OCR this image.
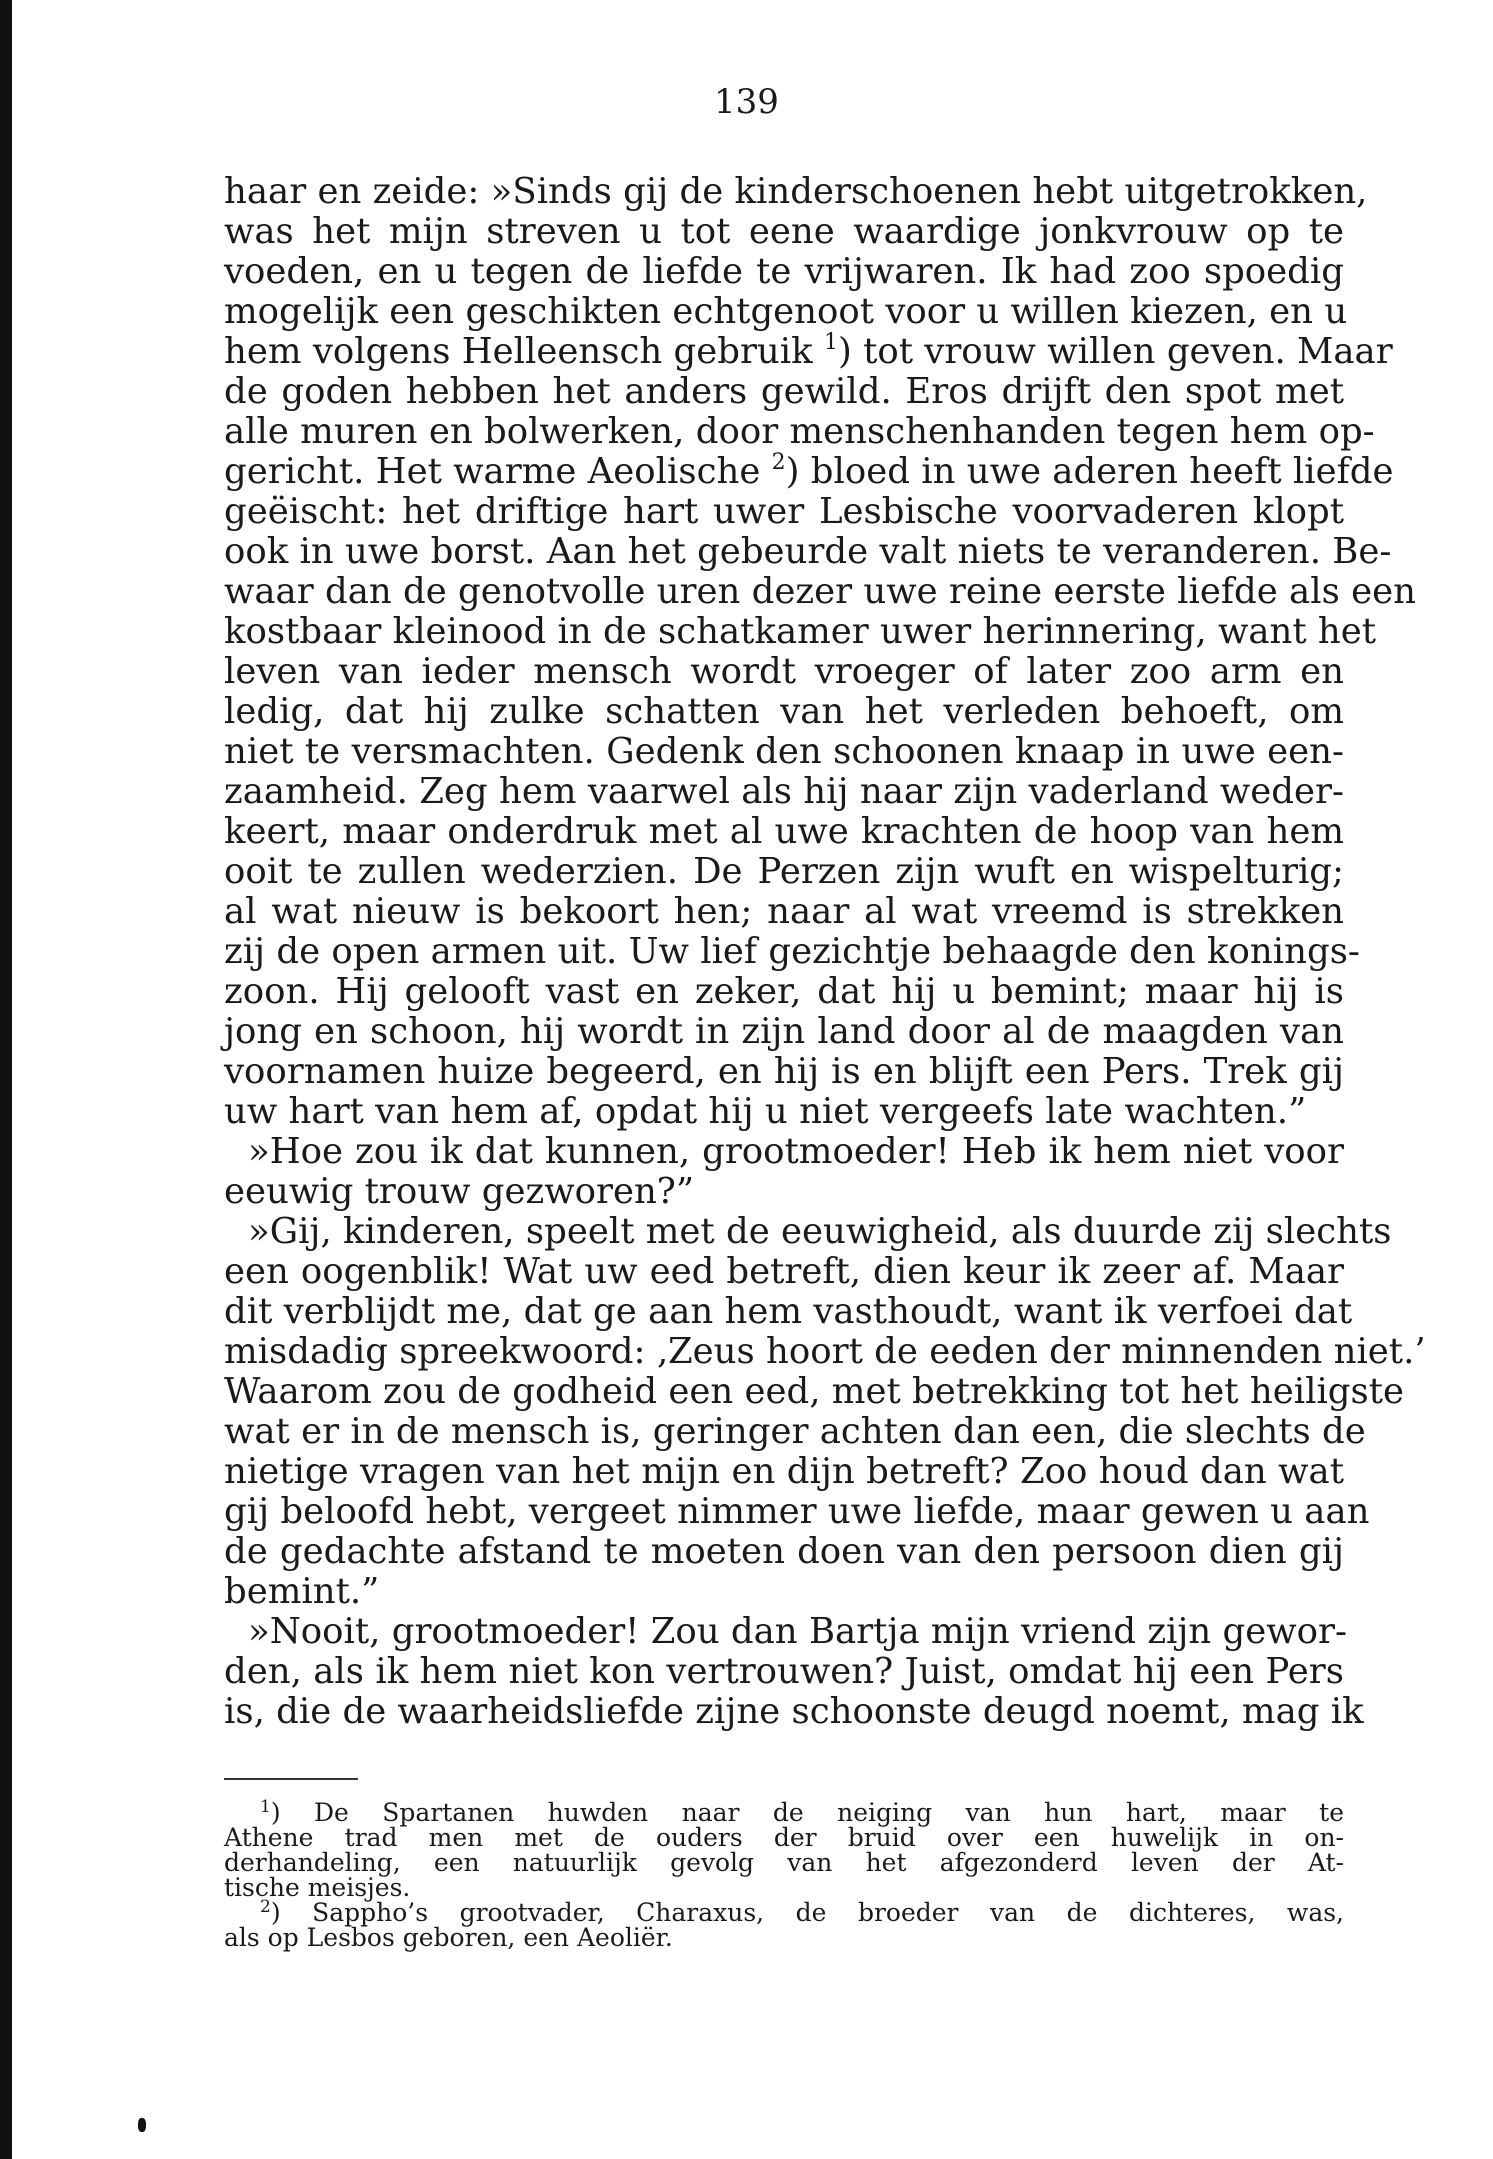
139
haar en zeide: »Sinds gij de kinderschoenen hebt uitgetrokken,
was het mijn streven u tot eene waardige jonkvrouw op te
voeden, en u tegen de liefde te vrijwaren. Ik had zoo spoedig
mogelijk een geschikten echtgenoot voor u willen kiezen, en u
hem volgens Helleensch gebruik $^1$) tot vrouw willen geven. Maar
de goden hebben het anders gewild. Eros drijft den spot met
alle muren en bolwerken, door menschenhanden tegen hem op-
gericht. Het warme Aeolische $^2$) bloed in uwe aderen heeft liefde
geëischt: het driftige hart uwer Lesbische voorvaderen klopt
ook in uwe borst. Aan het gebeurde valt niets te veranderen. Be-
waar dan de genotvolle uren dezer uwe reine eerste liefde als een
kostbaar kleinood in de schatkamer uwer herinnering, want het
leven van ieder mensch wordt vroeger of later zoo arm en
ledig, dat hij zulke schatten van het verleden behoeft, om
niet te versmachten. Gedenk den schoonen knaap in uwe een-
zaamheid. Zeg hem vaarwel als hij naar zijn vaderland weder-
keert, maar onderdruk met al uwe krachten de hoop van hem
ooit te zullen wederzien. De Perzen zijn wuft en wispelturig;
al wat nieuw is bekoort hen; naar al wat vreemd is strekken
zij de open armen uit. Uw lief gezichtje behaagde den konings-
zoon. Hij gelooft vast en zeker, dat hij u bemint; maar hij is
jong en schoon, hij wordt in zijn land door al de maagden van
voornamen huize begeerd, en hij is en blijft een Pers. Trek gij
uw hart van hem af, opdat hij u niet vergeefs late wachten.”
»Hoe zou ik dat kunnen, grootmoeder! Heb ik hem niet voor
eeuwig trouw gezworen?”
»Gij, kinderen, speelt met de eeuwigheid, als duurde zij slechts
een oogenblik! Wat uw eed betreft, dien keur ik zeer af. Maar
dit verblijdt me, dat ge aan hem vasthoudt, want ik verfoei dat
misdadig spreekwoord: ‚Zeus hoort de eeden der minnenden niet.’
Waarom zou de godheid een eed, met betrekking tot het heiligste
wat er in de mensch is, geringer achten dan een, die slechts de
nietige vragen van het mijn en dijn betreft? Zoo houd dan wat
gij beloofd hebt, vergeet nimmer uwe liefde, maar gewen u aan
de gedachte afstand te moeten doen van den persoon dien gij
bemint.”
»Nooit, grootmoeder! Zou dan Bartja mijn vriend zijn gewor-
den, als ik hem niet kon vertrouwen? Juist, omdat hij een Pers
is, die de waarheidsliefde zijne schoonste deugd noemt, mag ik
$^1$) De Spartanen huwden naar de neiging van hun hart, maar te
Athene trad men met de ouders der bruid over een huwelijk in on-
derhandeling, een natuurlijk gevolg van het afgezonderd leven der At-
tische meisjes.
$^2$) Sappho’s grootvader, Charaxus, de broeder van de dichteres, was,
als op Lesbos geboren, een Aeoliër.
